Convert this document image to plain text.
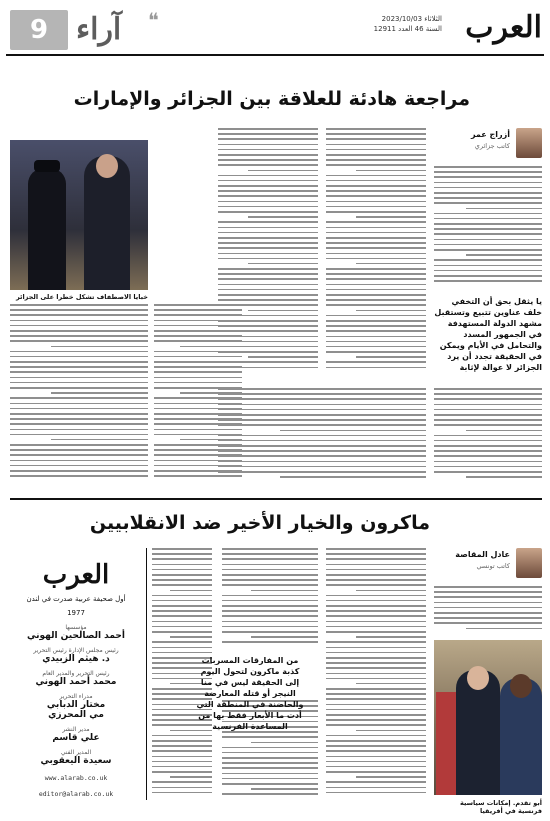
العرب
الثلاثاء 2023/10/03
السنة 46 العدد 12911
آراء ❝
9
مراجعة هادئة للعلاقة بين الجزائر والإمارات
أزراج عمر
كاتب جزائري
خبايا الاصطفاف تشكل خطرا على الجزائر	يا يثقل بحق أن التخفي خلف عناوين تتبيع وتستقبل مشهد الدولة المستهدفة في الجمهور المسدد والتحامل في الأيام ويمكن في الحقيقة تجدد أن يرد الجزائر لا عوالة لإثابة
ماكرون والخيار الأخير ضد الانقلابيين
عادل المقاصة
كاتب تونسي
من المفارقات المسربات كذبة ماكرون لتحول اليوم إلى الحقيقة ليس في منا النيجر أو قتله المعارضة والحاضنة في المنطقة التي أدت ما الأبعار فقط بها من المساعدة الفرنسية
أبو تقدم. إمكانات سياسية فرنسية في أفريقيا
العرب
أول صحيفة عربية صدرت في لندن
1977
مؤسسها
أحمد الصالحين الهوني
رئيس مجلس الإدارة رئيس التحرير
د. هيثم الزبيدي
رئيس التحرير والمدير العام
محمد أحمد الهوني
مدراء التحرير
مختار الدبابي
مي المحرزي
مدير النشر
علي قاسم
المدير الفني
سعيدة اليعقوبي
www.alarab.co.uk
editor@alarab.co.uk
